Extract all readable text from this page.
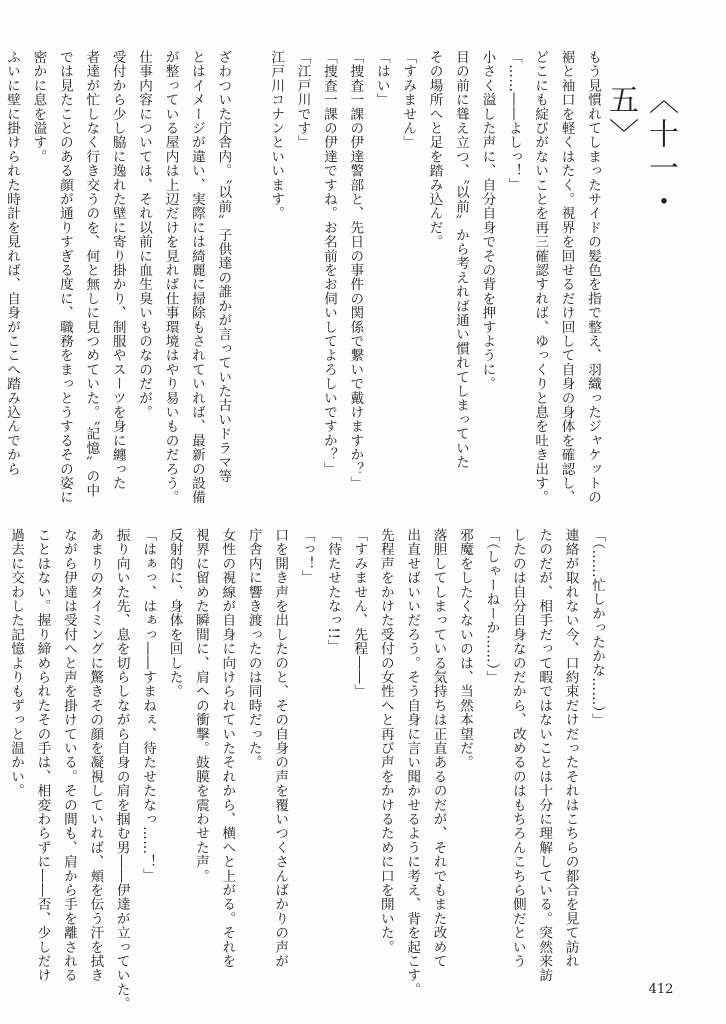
〈十一・五〉
もう見慣れてしまったサイドの髪色を指で整え、羽織ったジャケットの
裾と袖口を軽くはたく。視界を回せるだけ回して自身の身体を確認し、
どこにも綻びがないことを再三確認すれば、ゆっくりと息を吐き出す。
「……――よしっ！」
小さく溢した声に、自分自身でその背を押すように。
目の前に聳え立つ、〝以前〟から考えれば通い慣れてしまっていた
その場所へと足を踏み込んだ。
「すみません」
「はい」
「捜査一課の伊達警部と、先日の事件の関係で繋いで戴けますか？」
「捜査一課の伊達ですね。お名前をお伺いしてよろしいですか？」
「江戸川です」
江戸川コナンといいます。

ざわついた庁舎内。〝以前〟子供達の誰かが言っていた古いドラマ等
とはイメージが違い、実際には綺麗に掃除もされていれば、最新の設備
が整っている屋内は上辺だけを見れば仕事環境はやり易いものだろう。
仕事内容については、それ以前に血生臭いものなのだが。
受付から少し脇に逸れた壁に寄り掛かり、制服やスーツを身に纏った
者達が忙しなく行き交うのを、何と無しに見つめていた。〝記憶〟の中
では見たことのある顔が通りすぎる度に、職務をまっとうするその姿に
密かに息を溢す。
ふいに壁に掛けられた時計を見れば、自身がここへ踏み込んでから
「（……忙しかったかな……）」
連絡が取れない今、口約束だけだったそれはこちらの都合を見て訪れ
たのだが、相手だって暇ではないことは十分に理解している。突然来訪
したのは自分自身なのだから、改めるのはもちろんこちら側だという
「（しゃーねーか……）」
邪魔をしたくないのは、当然本望だ。
落胆してしまっている気持ちは正直あるのだが、それでもまた改めて
出直せばいいだろう。そう自身に言い聞かせるように考え、背を起こす。
先程声をかけた受付の女性へと再び声をかけるために口を開いた。
「すみません、先程――」
「待たせたなっ!!」
「っ！」
口を開き声を出したのと、その自身の声を覆いつくさんばかりの声が
庁舎内に響き渡ったのは同時だった。
女性の視線が自身に向けられていたそれから、横へと上がる。それを
視界に留めた瞬間に、肩への衝撃。鼓膜を震わせた声。
反射的に、身体を回した。
「はぁっ、はぁっ――すまねぇ、待たせたなっ……！」
振り向いた先、息を切らしながら自身の肩を掴む男――伊達が立っていた。
あまりのタイミングに驚きその顔を凝視していれば、頬を伝う汗を拭き
ながら伊達は受付へと声を掛けている。その間も、肩から手を離される
ことはない。握り締められたその手は、相変わらずに――否、少しだけ
過去に交わした記憶よりもずっと温かい。
412
